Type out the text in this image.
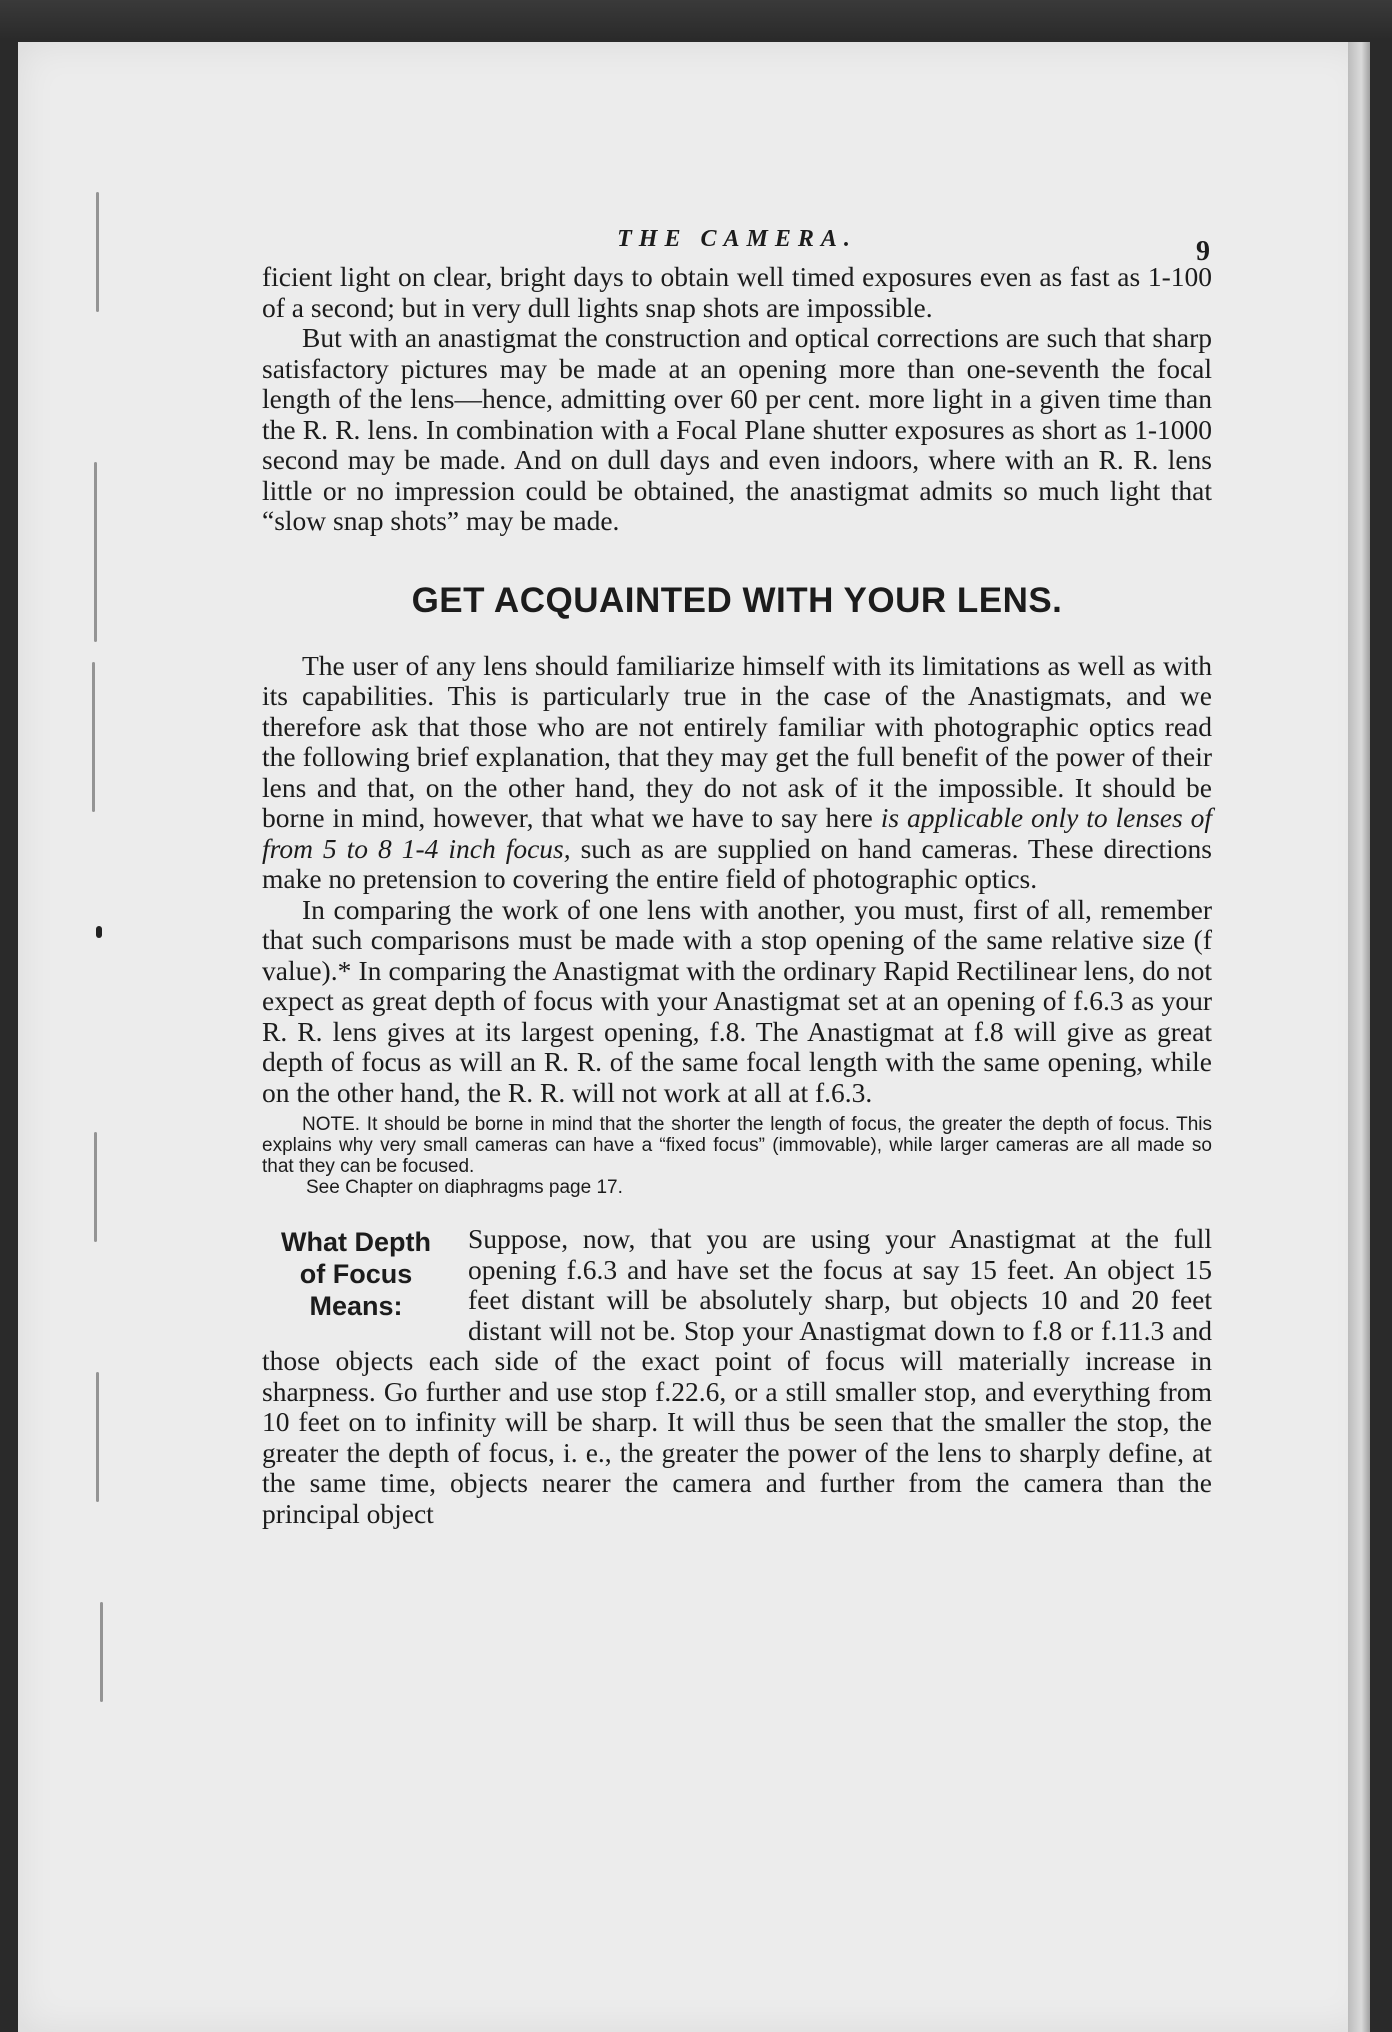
THE CAMERA.	9

ficient light on clear, bright days to obtain well timed exposures even as fast as 1-100 of a second; but in very dull lights snap shots are impossible.

But with an anastigmat the construction and optical corrections are such that sharp satisfactory pictures may be made at an opening more than one-seventh the focal length of the lens—hence, admitting over 60 per cent. more light in a given time than the R. R. lens. In combination with a Focal Plane shutter exposures as short as 1-1000 second may be made. And on dull days and even indoors, where with an R. R. lens little or no impression could be obtained, the anastigmat admits so much light that “slow snap shots” may be made.

GET ACQUAINTED WITH YOUR LENS.

The user of any lens should familiarize himself with its limitations as well as with its capabilities. This is particularly true in the case of the Anastigmats, and we therefore ask that those who are not entirely familiar with photographic optics read the following brief explanation, that they may get the full benefit of the power of their lens and that, on the other hand, they do not ask of it the impossible. It should be borne in mind, however, that what we have to say here is applicable only to lenses of from 5 to 8 1-4 inch focus, such as are supplied on hand cameras. These directions make no pretension to covering the entire field of photographic optics.

In comparing the work of one lens with another, you must, first of all, remember that such comparisons must be made with a stop opening of the same relative size (f value).* In comparing the Anastigmat with the ordinary Rapid Rectilinear lens, do not expect as great depth of focus with your Anastigmat set at an opening of f.6.3 as your R. R. lens gives at its largest opening, f.8. The Anastigmat at f.8 will give as great depth of focus as will an R. R. of the same focal length with the same opening, while on the other hand, the R. R. will not work at all at f.6.3.

NOTE. It should be borne in mind that the shorter the length of focus, the greater the depth of focus. This explains why very small cameras can have a “fixed focus” (immovable), while larger cameras are all made so that they can be focused.
See Chapter on diaphragms page 17.
What Depth
of Focus
Means:

Suppose, now, that you are using your Anastigmat at the full opening f.6.3 and have set the focus at say 15 feet. An object 15 feet distant will be absolutely sharp, but objects 10 and 20 feet distant will not be. Stop your Anastigmat down to f.8 or f.11.3 and those objects each side of the exact point of focus will materially increase in sharpness. Go further and use stop f.22.6, or a still smaller stop, and everything from 10 feet on to infinity will be sharp. It will thus be seen that the smaller the stop, the greater the depth of focus, i. e., the greater the power of the lens to sharply define, at the same time, objects nearer the camera and further from the camera than the principal object
